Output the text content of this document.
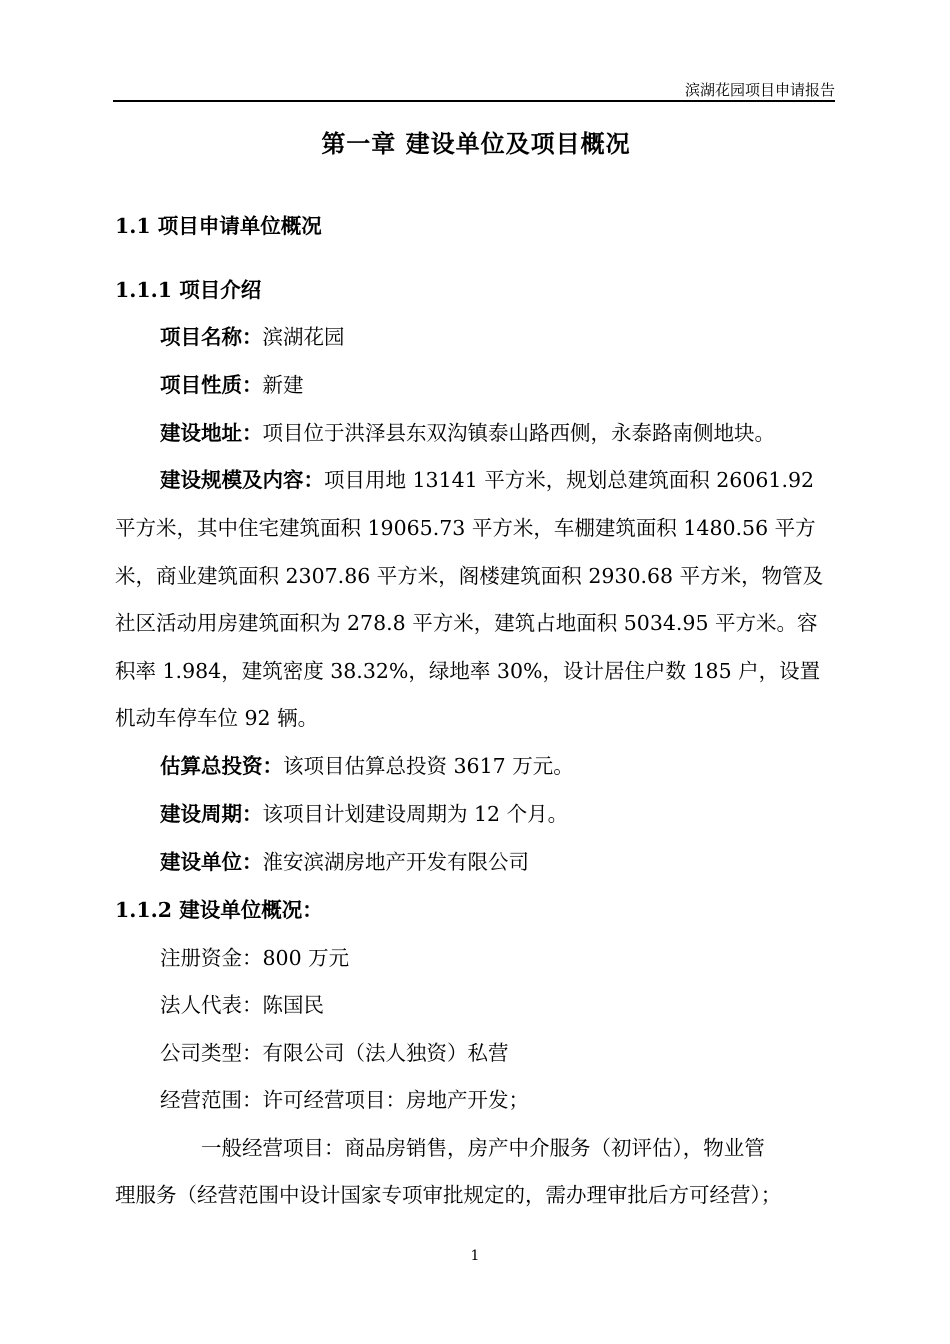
滨湖花园项目申请报告
第一章 建设单位及项目概况
1.1 项目申请单位概况
1.1.1 项目介绍
项目名称：滨湖花园
项目性质：新建
建设地址：项目位于洪泽县东双沟镇泰山路西侧，永泰路南侧地块。
建设规模及内容：项目用地 13141 平方米，规划总建筑面积 26061.92
平方米，其中住宅建筑面积 19065.73 平方米，车棚建筑面积 1480.56 平方
米，商业建筑面积 2307.86 平方米，阁楼建筑面积 2930.68 平方米，物管及
社区活动用房建筑面积为 278.8 平方米，建筑占地面积 5034.95 平方米。容
积率 1.984，建筑密度 38.32%，绿地率 30%，设计居住户数 185 户，设置
机动车停车位 92 辆。
估算总投资：该项目估算总投资 3617 万元。
建设周期：该项目计划建设周期为 12 个月。
建设单位：淮安滨湖房地产开发有限公司
1.1.2 建设单位概况：
注册资金：800 万元
法人代表：陈国民
公司类型：有限公司（法人独资）私营
经营范围：许可经营项目：房地产开发；
一般经营项目：商品房销售，房产中介服务（初评估），物业管
理服务（经营范围中设计国家专项审批规定的，需办理审批后方可经营）；
1
